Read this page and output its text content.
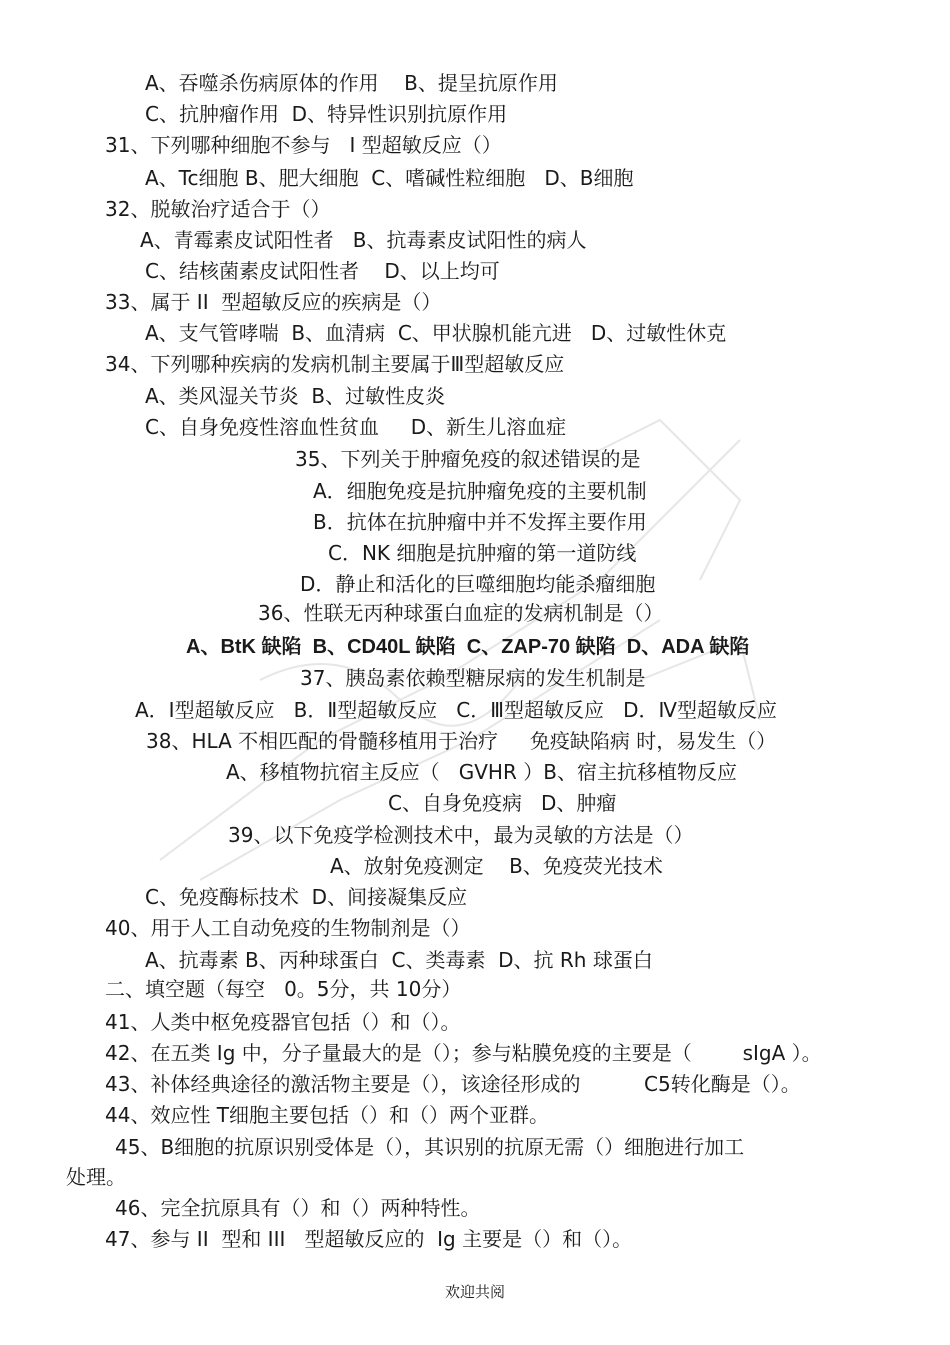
A、吞噬杀伤病原体的作用    B、提呈抗原作用
C、抗肿瘤作用  D、特异性识别抗原作用
31、下列哪种细胞不参与   I 型超敏反应（）
A、Tc细胞 B、肥大细胞  C、嗜碱性粒细胞   D、B细胞
32、脱敏治疗适合于（）
A、青霉素皮试阳性者   B、抗毒素皮试阳性的病人
C、结核菌素皮试阳性者    D、以上均可
33、属于 II  型超敏反应的疾病是（）
A、支气管哮喘  B、血清病  C、甲状腺机能亢进   D、过敏性休克
34、下列哪种疾病的发病机制主要属于Ⅲ型超敏反应
A、类风湿关节炎  B、过敏性皮炎
C、自身免疫性溶血性贫血     D、新生儿溶血症
35、下列关于肿瘤免疫的叙述错误的是
A．细胞免疫是抗肿瘤免疫的主要机制
B．抗体在抗肿瘤中并不发挥主要作用
C．NK 细胞是抗肿瘤的第一道防线
D．静止和活化的巨噬细胞均能杀瘤细胞
36、性联无丙种球蛋白血症的发病机制是（）
A、BtK 缺陷  B、CD40L 缺陷  C、ZAP-70 缺陷  D、ADA 缺陷
37、胰岛素依赖型糖尿病的发生机制是
A．Ⅰ型超敏反应   B．Ⅱ型超敏反应   C．Ⅲ型超敏反应   D．Ⅳ型超敏反应
38、HLA 不相匹配的骨髓移植用于治疗     免疫缺陷病 时，易发生（）
A、移植物抗宿主反应（   GVHR ）B、宿主抗移植物反应
C、自身免疫病   D、肿瘤
39、以下免疫学检测技术中，最为灵敏的方法是（）
A、放射免疫测定    B、免疫荧光技术
C、免疫酶标技术  D、间接凝集反应
40、用于人工自动免疫的生物制剂是（）
A、抗毒素 B、丙种球蛋白  C、类毒素  D、抗 Rh 球蛋白
二、填空题（每空   0。5分，共 10分）
41、人类中枢免疫器官包括（）和（）。
42、在五类 Ig 中，分子量最大的是（）；参与粘膜免疫的主要是（        sIgA ）。
43、补体经典途径的激活物主要是（），该途径形成的          C5转化酶是（）。
44、效应性 T细胞主要包括（）和（）两个亚群。
45、B细胞的抗原识别受体是（），其识别的抗原无需（）细胞进行加工
处理。
46、完全抗原具有（）和（）两种特性。
47、参与 II  型和 III   型超敏反应的  Ig 主要是（）和（）。
欢迎共阅
